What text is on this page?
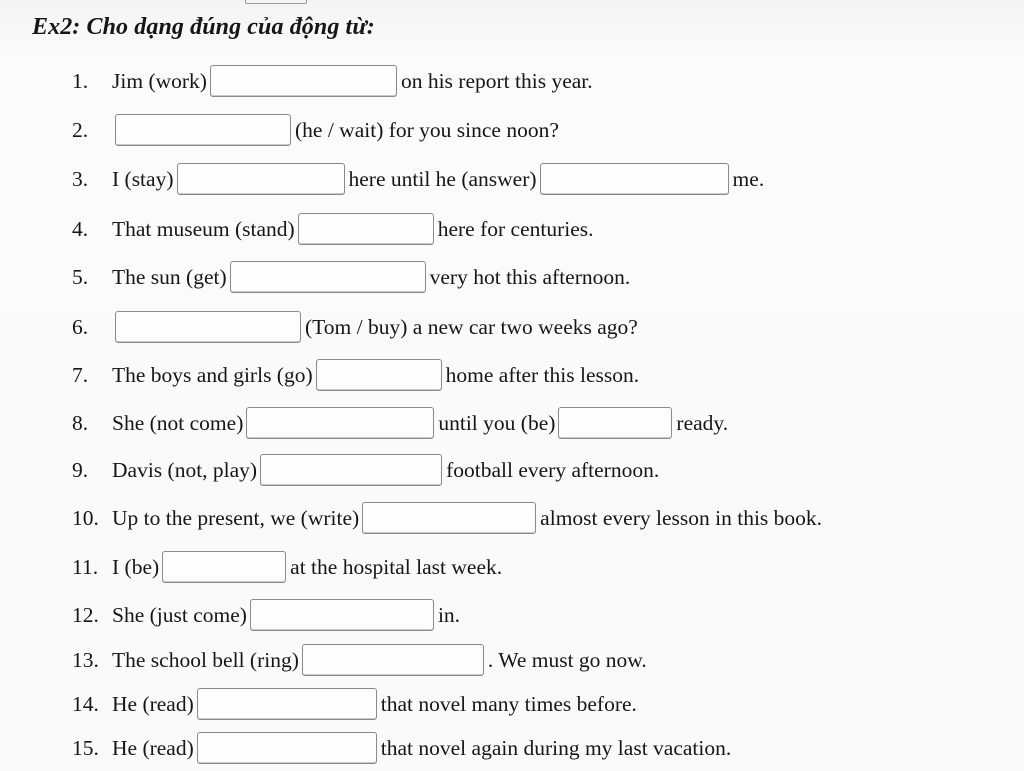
Ex2: Cho dạng đúng của động từ:
1.	Jim (work)	on his report this year.
2.	(he / wait) for you since noon?
3.	I (stay)	here until he (answer)	me.
4.	That museum (stand)	here for centuries.
5.	The sun (get)	very hot this afternoon.
6.	(Tom / buy) a new car two weeks ago?
7.	The boys and girls (go)	home after this lesson.
8.	She (not come)	until you (be)	ready.
9.	Davis (not, play)	football every afternoon.
10. Up to the present, we (write)	almost every lesson in this book.
11. I (be)	at the hospital last week.
12. She (just come)	in.
13. The school bell (ring)	. We must go now.
14. He (read)	that novel many times before.
15. He (read)	that novel again during my last vacation.
